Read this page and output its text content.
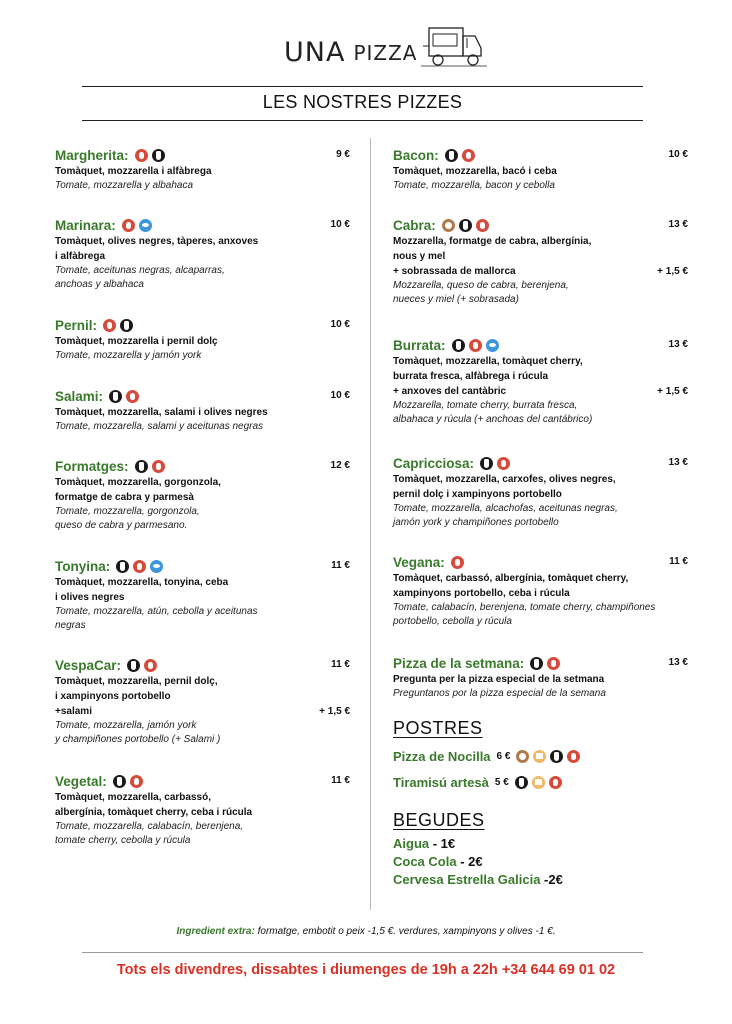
UNA PIZZA
LES NOSTRES PIZZES
Margherita:	9 €
Tomàquet, mozzarella i alfàbrega
Tomate, mozzarella y albahaca
Marinara:	10 €
Tomàquet, olives negres, tàperes, anxoves
i alfàbrega
Tomate, aceitunas negras, alcaparras,
anchoas y albahaca
Pernil:	10 €
Tomàquet, mozzarella i pernil dolç
Tomate, mozzarella y jamón york
Salami:	10 €
Tomàquet, mozzarella, salami i olives negres
Tomate, mozzarella, salami y aceitunas negras
Formatges:	12 €
Tomàquet, mozzarella, gorgonzola,
formatge de cabra y parmesà
Tomate, mozzarella, gorgonzola,
queso de cabra y parmesano.
Tonyina:	11 €
Tomàquet, mozzarella, tonyina, ceba
i olives negres
Tomate, mozzarella, atún, cebolla y aceitunas
negras
VespaCar:	11 €
Tomàquet, mozzarella, pernil dolç,
i xampinyons portobello
+salami	+ 1,5 €
Tomate, mozzarella, jamón york
y champiñones portobello (+ Salami )
Vegetal:	11 €
Tomàquet, mozzarella, carbassó,
albergínia, tomàquet cherry, ceba i rúcula
Tomate, mozzarella, calabacín, berenjena,
tomate cherry, cebolla y rúcula
Bacon:	10 €
Tomàquet, mozzarella, bacó i ceba
Tomate, mozzarella, bacon y cebolla
Cabra:	13 €
Mozzarella, formatge de cabra, albergínia,
nous y mel
+ sobrassada de mallorca	+ 1,5 €
Mozzarella, queso de cabra, berenjena,
nueces y miel (+ sobrasada)
Burrata:	13 €
Tomàquet, mozzarella, tomàquet cherry,
burrata fresca, alfàbrega i rúcula
+ anxoves del cantàbric	+ 1,5 €
Mozzarella, tomate cherry, burrata fresca,
albahaca y rúcula (+ anchoas del cantábrico)
Capricciosa:	13 €
Tomàquet, mozzarella, carxofes, olives negres,
pernil dolç i xampinyons portobello
Tomate, mozzarella, alcachofas, aceitunas negras,
jamón york y champiñones portobello
Vegana:	11 €
Tomàquet, carbassó, albergínia, tomàquet cherry,
xampinyons portobello, ceba i rúcula
Tomate, calabacín, berenjena, tomate cherry, champiñones
portobello, cebolla y rúcula
Pizza de la setmana:	13 €
Pregunta per la pizza especial de la setmana
Preguntanos por la pizza especial de la semana
POSTRES
Pizza de Nocilla 6 €
Tiramisú artesà 5 €
BEGUDES
Aigua - 1€
Coca Cola - 2€
Cervesa Estrella Galicia -2€
Ingredient extra: formatge, embotit o peix -1,5 €. verdures, xampinyons y olives -1 €.
Tots els divendres, dissabtes i diumenges de 19h a 22h +34 644 69 01 02
